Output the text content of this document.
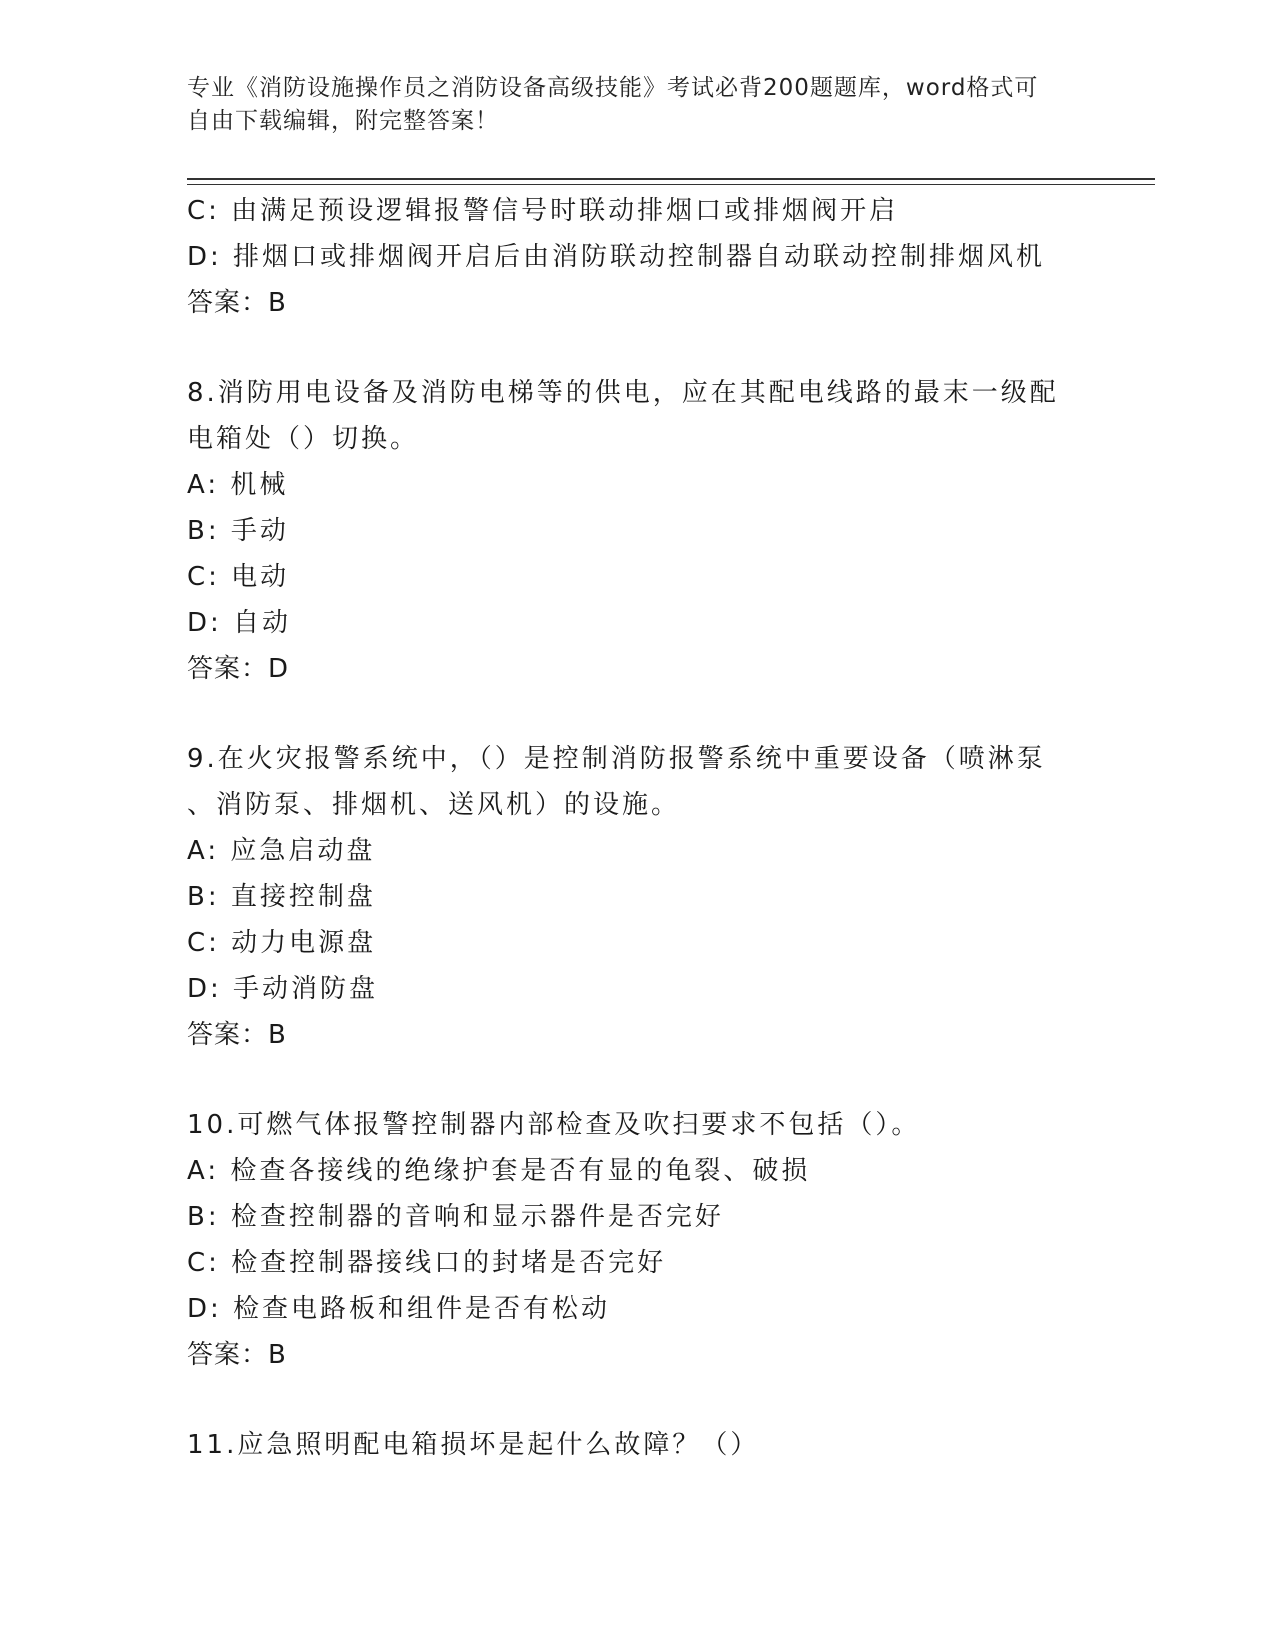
专业《消防设施操作员之消防设备高级技能》考试必背200题题库，word格式可
自由下载编辑，附完整答案！
C: 由满足预设逻辑报警信号时联动排烟口或排烟阀开启
D: 排烟口或排烟阀开启后由消防联动控制器自动联动控制排烟风机
答案：B
8.消防用电设备及消防电梯等的供电，应在其配电线路的最末一级配
电箱处（）切换。
A: 机械
B: 手动
C: 电动
D: 自动
答案：D
9.在火灾报警系统中，（）是控制消防报警系统中重要设备（喷淋泵
、消防泵、排烟机、送风机）的设施。
A: 应急启动盘
B: 直接控制盘
C: 动力电源盘
D: 手动消防盘
答案：B
10.可燃气体报警控制器内部检查及吹扫要求不包括（）。
A: 检查各接线的绝缘护套是否有显的龟裂、破损
B: 检查控制器的音响和显示器件是否完好
C: 检查控制器接线口的封堵是否完好
D: 检查电路板和组件是否有松动
答案：B
11.应急照明配电箱损坏是起什么故障？（）
